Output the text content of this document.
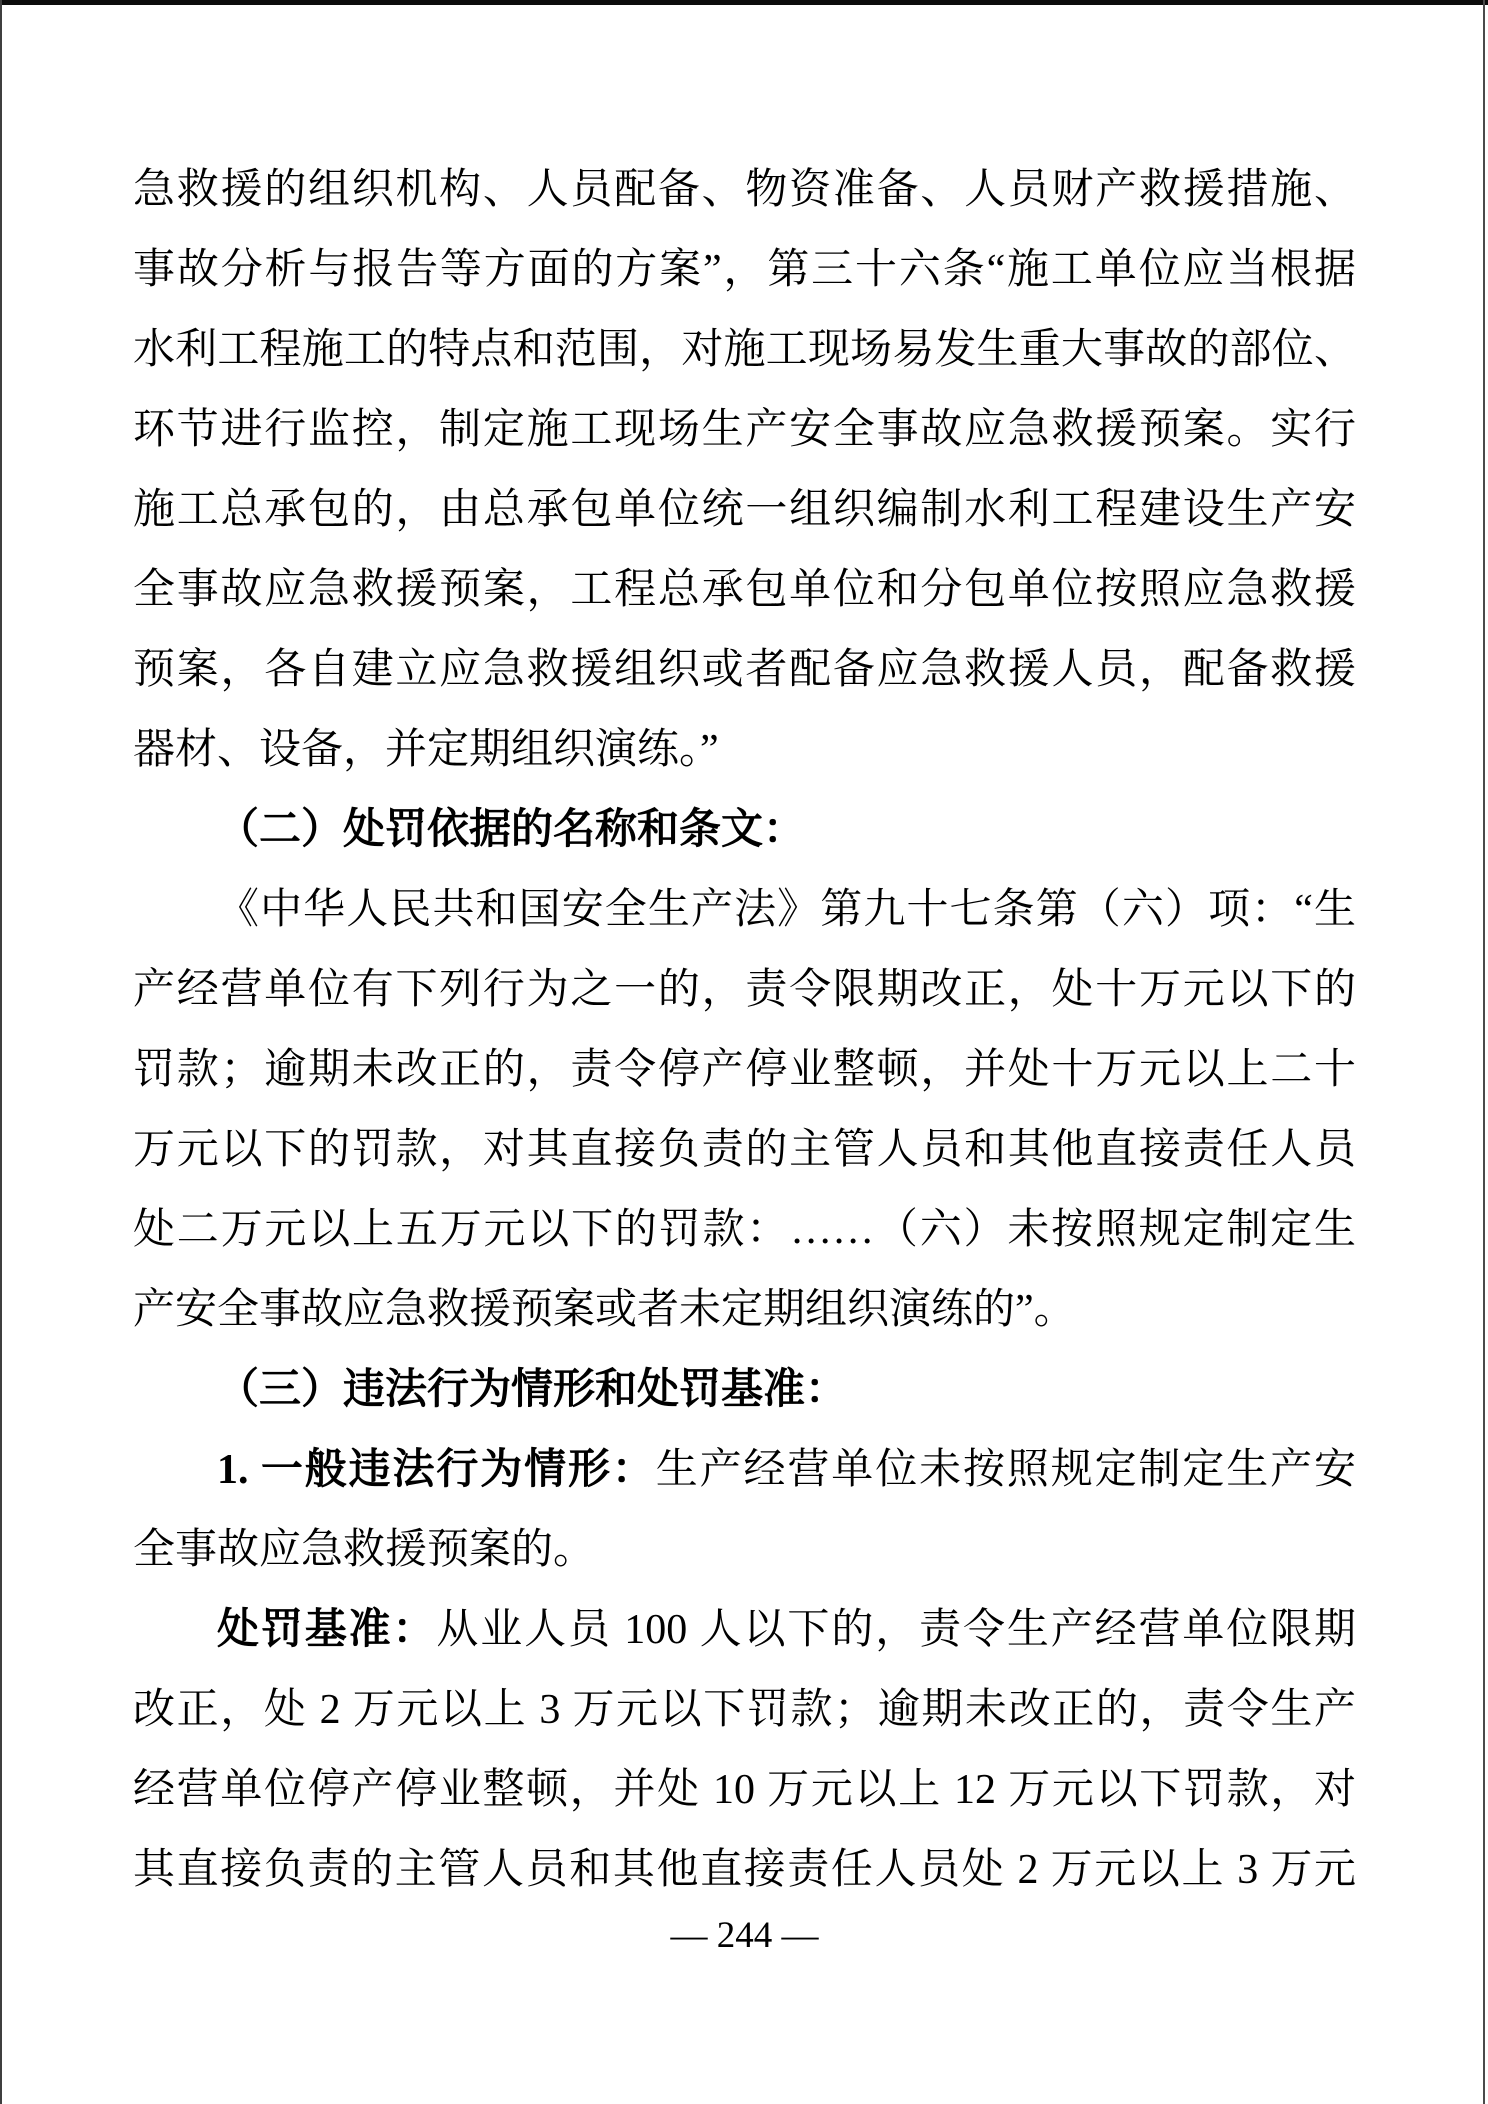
急救援的组织机构、人员配备、物资准备、人员财产救援措施、
事故分析与报告等方面的方案”，第三十六条“施工单位应当根据
水利工程施工的特点和范围，对施工现场易发生重大事故的部位、
环节进行监控，制定施工现场生产安全事故应急救援预案。实行
施工总承包的，由总承包单位统一组织编制水利工程建设生产安
全事故应急救援预案，工程总承包单位和分包单位按照应急救援
预案，各自建立应急救援组织或者配备应急救援人员，配备救援
器材、设备，并定期组织演练。”
（二）处罚依据的名称和条文：
《中华人民共和国安全生产法》第九十七条第（六）项：“生
产经营单位有下列行为之一的，责令限期改正，处十万元以下的
罚款；逾期未改正的，责令停产停业整顿，并处十万元以上二十
万元以下的罚款，对其直接负责的主管人员和其他直接责任人员
处二万元以上五万元以下的罚款：……（六）未按照规定制定生
产安全事故应急救援预案或者未定期组织演练的”。
（三）违法行为情形和处罚基准：
1. 一般违法行为情形：生产经营单位未按照规定制定生产安
全事故应急救援预案的。
处罚基准：从业人员 100 人以下的，责令生产经营单位限期
改正，处 2 万元以上 3 万元以下罚款；逾期未改正的，责令生产
经营单位停产停业整顿，并处 10 万元以上 12 万元以下罚款，对
其直接负责的主管人员和其他直接责任人员处 2 万元以上 3 万元
— 244 —
